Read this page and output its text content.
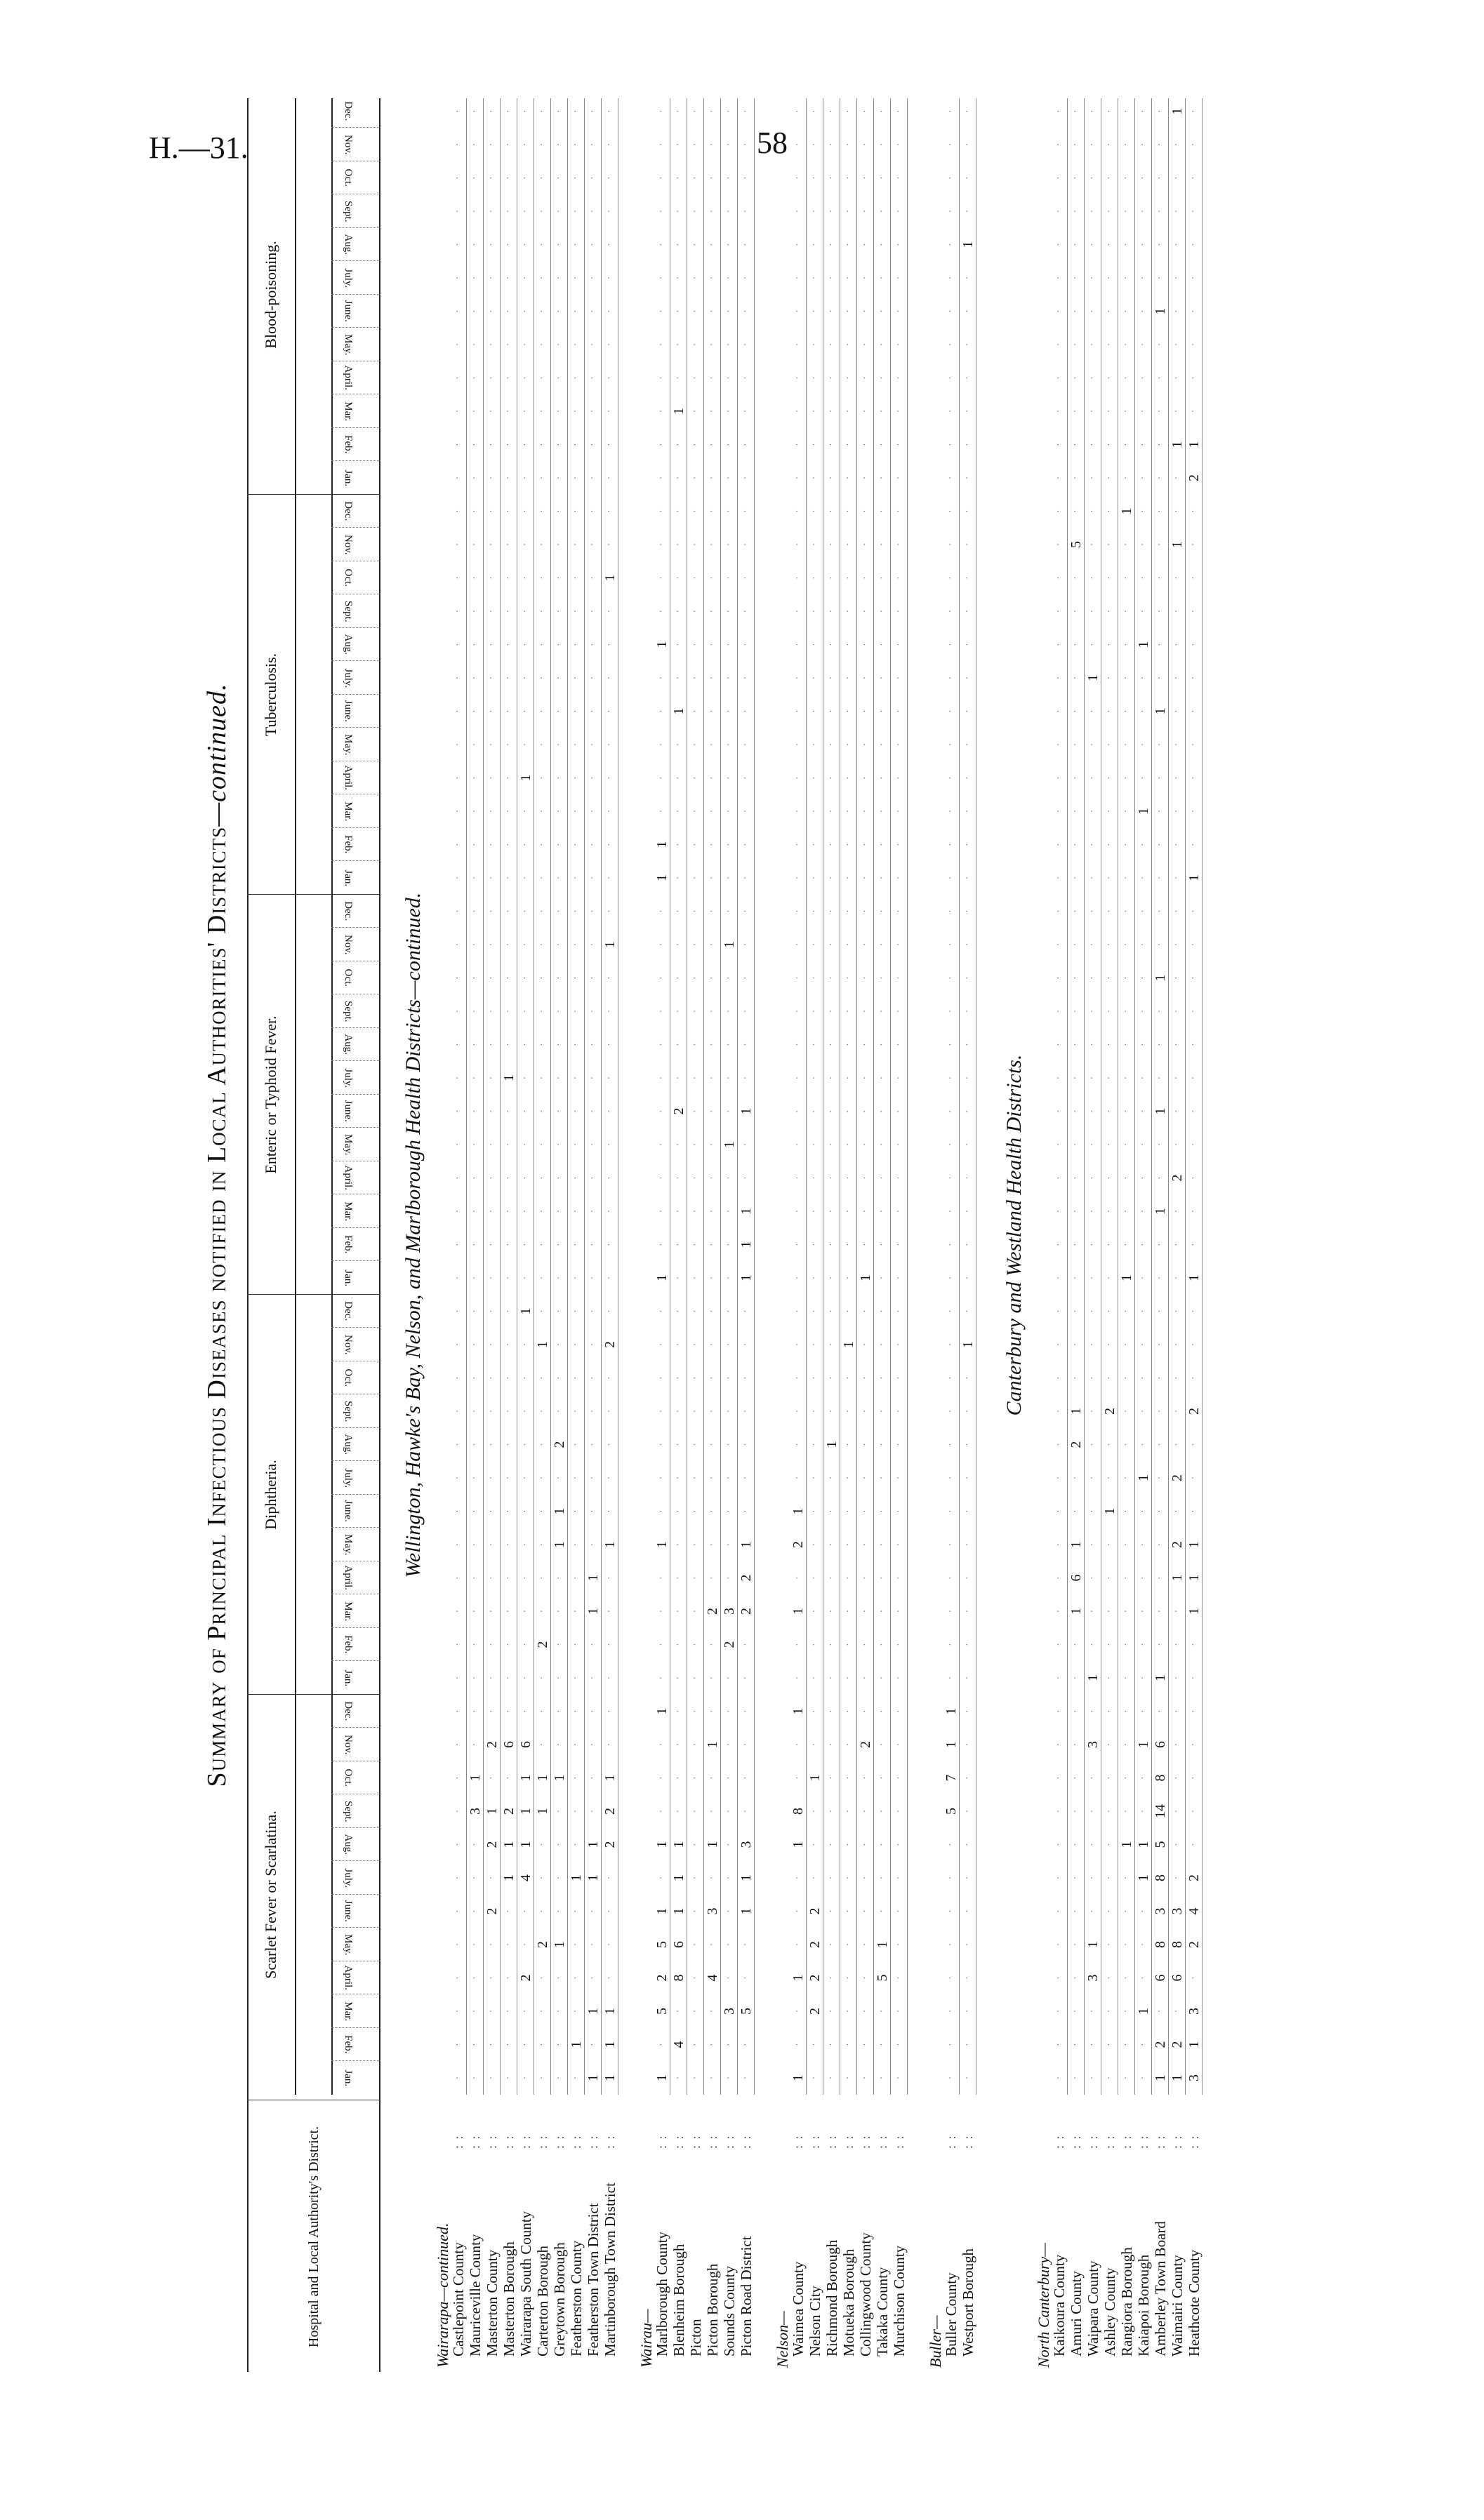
H.—31.	58
Summary of Principal Infectious Diseases notified in Local Authorities' Districts—continued.
Scarlet Fever or Scarlatina.
Jan.
Feb.
Mar.
April.
May.
June.
July.
Aug.
Sept.
Oct.
Nov.
Dec.
Diphtheria.
Jan.
Feb.
Mar.
April.
May.
June.
July.
Aug.
Sept.
Oct.
Nov.
Dec.
Enteric or Typhoid Fever.
Jan.
Feb.
Mar.
April.
May.
June.
July.
Aug.
Sept.
Oct.
Nov.
Dec.
Tuberculosis.
Jan.
Feb.
Mar.
April.
May.
June.
July.
Aug.
Sept.
Oct.
Nov.
Dec.
Blood-poisoning.
Jan.
Feb.
Mar.
April.
May.
June.
July.
Aug.
Sept.
Oct.
Nov.
Dec.
Hospital and Local Authority's District.
Wellington, Hawke's Bay, Nelson, and Marlborough Health Districts—continued.
Wairarapa—continued.
Castlepoint County
: :
·
·
·
·
·
·
·
·
·
·
·
·
·
·
·
·
·
·
·
·
·
·
·
·
·
·
·
·
·
·
·
·
·
·
·
·
·
·
·
·
·
·
·
·
·
·
·
·
·
·
·
·
·
·
·
·
·
·
·
·
Mauriceville County
: :
·
·
·
·
·
·
·
·
3
1
·
·
·
·
·
·
·
·
·
·
·
·
·
·
·
·
·
·
·
·
·
·
·
·
·
·
·
·
·
·
·
·
·
·
·
·
·
·
·
·
·
·
·
·
·
·
·
·
·
·
Masterton County
: :
·
·
·
·
·
2
·
2
1
·
2
·
·
·
·
·
·
·
·
·
·
·
·
·
·
·
·
·
·
·
·
·
·
·
·
·
·
·
·
·
·
·
·
·
·
·
·
·
·
·
·
·
·
·
·
·
·
·
·
·
Masterton Borough
: :
·
·
·
·
·
·
1
1
2
·
6
·
·
·
·
·
·
·
·
·
·
·
·
·
·
·
·
·
·
·
1
·
·
·
·
·
·
·
·
·
·
·
·
·
·
·
·
·
·
·
·
·
·
·
·
·
·
·
·
·
Wairarapa South County
: :
·
·
·
2
·
·
4
1
1
1
6
·
·
·
·
·
·
·
·
·
·
·
·
1
·
·
·
·
·
·
·
·
·
·
·
·
·
·
·
1
·
·
·
·
·
·
·
·
·
·
·
·
·
·
·
·
·
·
·
·
Carterton Borough
: :
·
·
·
·
2
·
·
·
1
1
·
·
·
2
·
·
·
·
·
·
·
·
1
·
·
·
·
·
·
·
·
·
·
·
·
·
·
·
·
·
·
·
·
·
·
·
·
·
·
·
·
·
·
·
·
·
·
·
·
·
Greytown Borough
: :
·
·
·
·
1
·
·
·
·
1
·
·
·
·
·
·
1
1
·
2
·
·
·
·
·
·
·
·
·
·
·
·
·
·
·
·
·
·
·
·
·
·
·
·
·
·
·
·
·
·
·
·
·
·
·
·
·
·
·
·
Featherston County
: :
·
1
·
·
·
·
1
·
·
·
·
·
·
·
·
·
·
·
·
·
·
·
·
·
·
·
·
·
·
·
·
·
·
·
·
·
·
·
·
·
·
·
·
·
·
·
·
·
·
·
·
·
·
·
·
·
·
·
·
·
Featherston Town District
: :
1
·
1
·
·
·
1
1
·
·
·
·
·
·
1
1
·
·
·
·
·
·
·
·
·
·
·
·
·
·
·
·
·
·
·
·
·
·
·
·
·
·
·
·
·
·
·
·
·
·
·
·
·
·
·
·
·
·
·
·
Martinborough Town District
: :
1
1
1
·
·
·
·
2
2
1
·
·
·
·
·
·
1
·
·
·
·
·
2
·
·
·
·
·
·
·
·
·
·
·
1
·
·
·
·
·
·
·
·
·
·
1
·
·
·
·
·
·
·
·
·
·
·
·
·
·
Wairau—
Marlborough County
: :
1
·
5
2
5
1
·
1
·
·
·
1
·
·
·
·
1
·
·
·
·
·
·
·
1
·
·
·
·
·
·
·
·
·
·
·
1
1
·
·
·
·
·
1
·
·
·
·
·
·
·
·
·
·
·
·
·
·
·
·
Blenheim Borough
: :
·
4
·
8
6
1
1
1
·
·
·
·
·
·
·
·
·
·
·
·
·
·
·
·
·
·
·
·
·
2
·
·
·
·
·
·
·
·
·
·
·
1
·
·
·
·
·
·
·
·
1
·
·
·
·
·
·
·
·
·
Picton
: :
·
·
·
·
·
·
·
·
·
·
·
·
·
·
·
·
·
·
·
·
·
·
·
·
·
·
·
·
·
·
·
·
·
·
·
·
·
·
·
·
·
·
·
·
·
·
·
·
·
·
·
·
·
·
·
·
·
·
·
·
Picton Borough
: :
·
·
·
4
·
3
·
1
·
·
1
·
·
·
2
·
·
·
·
·
·
·
·
·
·
·
·
·
·
·
·
·
·
·
·
·
·
·
·
·
·
·
·
·
·
·
·
·
·
·
·
·
·
·
·
·
·
·
·
·
Sounds County
: :
·
·
3
·
·
·
·
·
·
·
·
·
·
2
3
·
·
·
·
·
·
·
·
·
·
·
·
·
1
·
·
·
·
·
1
·
·
·
·
·
·
·
·
·
·
·
·
·
·
·
·
·
·
·
·
·
·
·
·
·
Picton Road District
: :
·
·
5
·
·
1
1
3
·
·
·
·
·
·
2
2
1
·
·
·
·
·
·
·
1
1
1
·
·
1
·
·
·
·
·
·
·
·
·
·
·
·
·
·
·
·
·
·
·
·
·
·
·
·
·
·
·
·
·
·
Nelson—
Waimea County
: :
1
·
·
1
·
·
·
1
8
·
·
1
·
·
1
·
2
1
·
·
·
·
·
·
·
·
·
·
·
·
·
·
·
·
·
·
·
·
·
·
·
·
·
·
·
·
·
·
·
·
·
·
·
·
·
·
·
·
·
·
Nelson City
: :
·
·
2
2
2
2
·
·
·
1
·
·
·
·
·
·
·
·
·
·
·
·
·
·
·
·
·
·
·
·
·
·
·
·
·
·
·
·
·
·
·
·
·
·
·
·
·
·
·
·
·
·
·
·
·
·
·
·
·
·
Richmond Borough
: :
·
·
·
·
·
·
·
·
·
·
·
·
·
·
·
·
·
·
·
1
·
·
·
·
·
·
·
·
·
·
·
·
·
·
·
·
·
·
·
·
·
·
·
·
·
·
·
·
·
·
·
·
·
·
·
·
·
·
·
·
Motueka Borough
: :
·
·
·
·
·
·
·
·
·
·
·
·
·
·
·
·
·
·
·
·
·
·
1
·
·
·
·
·
·
·
·
·
·
·
·
·
·
·
·
·
·
·
·
·
·
·
·
·
·
·
·
·
·
·
·
·
·
·
·
·
Collingwood County
: :
·
·
·
·
·
·
·
·
·
·
2
·
·
·
·
·
·
·
·
·
·
·
·
·
1
·
·
·
·
·
·
·
·
·
·
·
·
·
·
·
·
·
·
·
·
·
·
·
·
·
·
·
·
·
·
·
·
·
·
·
Takaka County
: :
·
·
·
5
1
·
·
·
·
·
·
·
·
·
·
·
·
·
·
·
·
·
·
·
·
·
·
·
·
·
·
·
·
·
·
·
·
·
·
·
·
·
·
·
·
·
·
·
·
·
·
·
·
·
·
·
·
·
·
·
Murchison County
: :
·
·
·
·
·
·
·
·
·
·
·
·
·
·
·
·
·
·
·
·
·
·
·
·
·
·
·
·
·
·
·
·
·
·
·
·
·
·
·
·
·
·
·
·
·
·
·
·
·
·
·
·
·
·
·
·
·
·
·
·
Buller—
Buller County
: :
·
·
·
·
·
·
·
·
5
7
1
1
·
·
·
·
·
·
·
·
·
·
·
·
·
·
·
·
·
·
·
·
·
·
·
·
·
·
·
·
·
·
·
·
·
·
·
·
·
·
·
·
·
·
·
·
·
·
·
·
Westport Borough
: :
·
·
·
·
·
·
·
·
·
·
·
·
·
·
·
·
·
·
·
·
·
·
1
·
·
·
·
·
·
·
·
·
·
·
·
·
·
·
·
·
·
·
·
·
·
·
·
·
·
·
·
·
·
·
·
1
·
·
·
·
Canterbury and Westland Health Districts.
North Canterbury—
Kaikoura County
: :
·
·
·
·
·
·
·
·
·
·
·
·
·
·
·
·
·
·
·
·
·
·
·
·
·
·
·
·
·
·
·
·
·
·
·
·
·
·
·
·
·
·
·
·
·
·
·
·
·
·
·
·
·
·
·
·
·
·
·
·
Amuri County
: :
·
·
·
·
·
·
·
·
·
·
·
·
·
·
1
6
1
·
·
2
1
·
·
·
·
·
·
·
·
·
·
·
·
·
·
·
·
·
·
·
·
·
·
·
·
·
5
·
·
·
·
·
·
·
·
·
·
·
·
·
Waipara County
: :
·
·
·
3
1
·
·
·
·
·
3
·
1
·
·
·
·
·
·
·
·
·
·
·
·
·
·
·
·
·
·
·
·
·
·
·
·
·
·
·
·
·
1
·
·
·
·
·
·
·
·
·
·
·
·
·
·
·
·
·
Ashley County
: :
·
·
·
·
·
·
·
·
·
·
·
·
·
·
·
·
·
1
·
·
2
·
·
·
·
·
·
·
·
·
·
·
·
·
·
·
·
·
·
·
·
·
·
·
·
·
·
·
·
·
·
·
·
·
·
·
·
·
·
·
Rangiora Borough
: :
·
·
·
·
·
·
·
1
·
·
·
·
·
·
·
·
·
·
·
·
·
·
·
·
1
·
·
·
·
·
·
·
·
·
·
·
·
·
·
·
·
·
·
·
·
·
·
1
·
·
·
·
·
·
·
·
·
·
·
·
Kaiapoi Borough
: :
·
·
1
·
·
·
1
1
·
·
1
·
·
·
·
·
·
·
1
·
·
·
·
·
·
·
·
·
·
·
·
·
·
·
·
·
·
·
1
·
·
·
·
1
·
·
·
·
·
·
·
·
·
·
·
·
·
·
·
·
Amberley Town Board
: :
1
2
·
6
8
3
8
5
14
8
6
·
1
·
·
·
·
·
·
·
·
·
·
·
·
·
1
·
·
1
·
·
·
1
·
·
·
·
·
·
·
1
·
·
·
·
·
·
·
·
·
·
·
1
·
·
·
·
·
·
Waimairi County
: :
1
2
·
6
8
3
·
·
·
·
·
·
·
·
·
1
2
·
2
·
·
·
·
·
·
·
·
2
·
·
·
·
·
·
·
·
·
·
·
·
·
·
·
·
·
·
1
·
·
1
·
·
·
·
·
·
·
·
·
1
Heathcote County
: :
3
1
3
·
2
4
2
·
·
·
·
·
·
·
1
1
1
·
·
·
2
·
·
·
1
·
·
·
·
·
·
·
·
·
·
·
1
·
·
·
·
·
·
·
·
·
·
·
2
1
·
·
·
·
·
·
·
·
·
·
